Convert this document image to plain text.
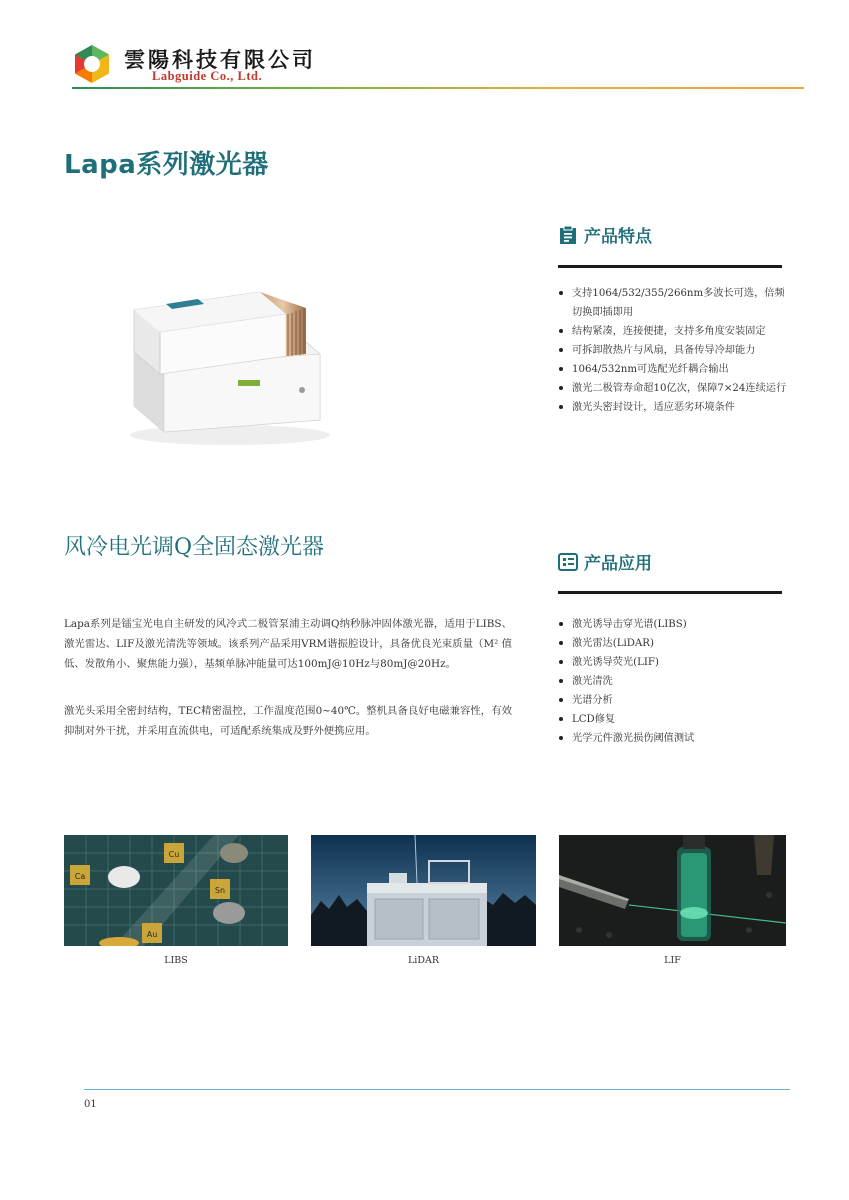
雲陽科技有限公司
Labguide Co., Ltd.
Lapa系列激光器
产品特点
支持1064/532/355/266nm多波长可选，倍频切换即插即用
结构紧凑，连接便捷，支持多角度安装固定
可拆卸散热片与风扇，具备传导冷却能力
1064/532nm可选配光纤耦合输出
激光二极管寿命超10亿次，保障7×24连续运行
激光头密封设计，适应恶劣环境条件
风冷电光调Q全固态激光器
产品应用
激光诱导击穿光谱(LIBS)
激光雷达(LiDAR)
激光诱导荧光(LIF)
激光清洗
光谱分析
LCD修复
光学元件激光损伤阈值测试

Lapa系列是镭宝光电自主研发的风冷式二极管泵浦主动调Q纳秒脉冲固体激光器，适用于LIBS、激光雷达、LIF及激光清洗等领域。该系列产品采用VRM谐振腔设计，具备优良光束质量（M² 值低、发散角小、聚焦能力强），基频单脉冲能量可达100mJ@10Hz与80mJ@20Hz。

激光头采用全密封结构，TEC精密温控，工作温度范围0~40℃。整机具备良好电磁兼容性，有效抑制对外干扰，并采用直流供电，可适配系统集成及野外便携应用。

Cu
Ca
Sn
Au
LIBS	LiDAR	LIF
01
